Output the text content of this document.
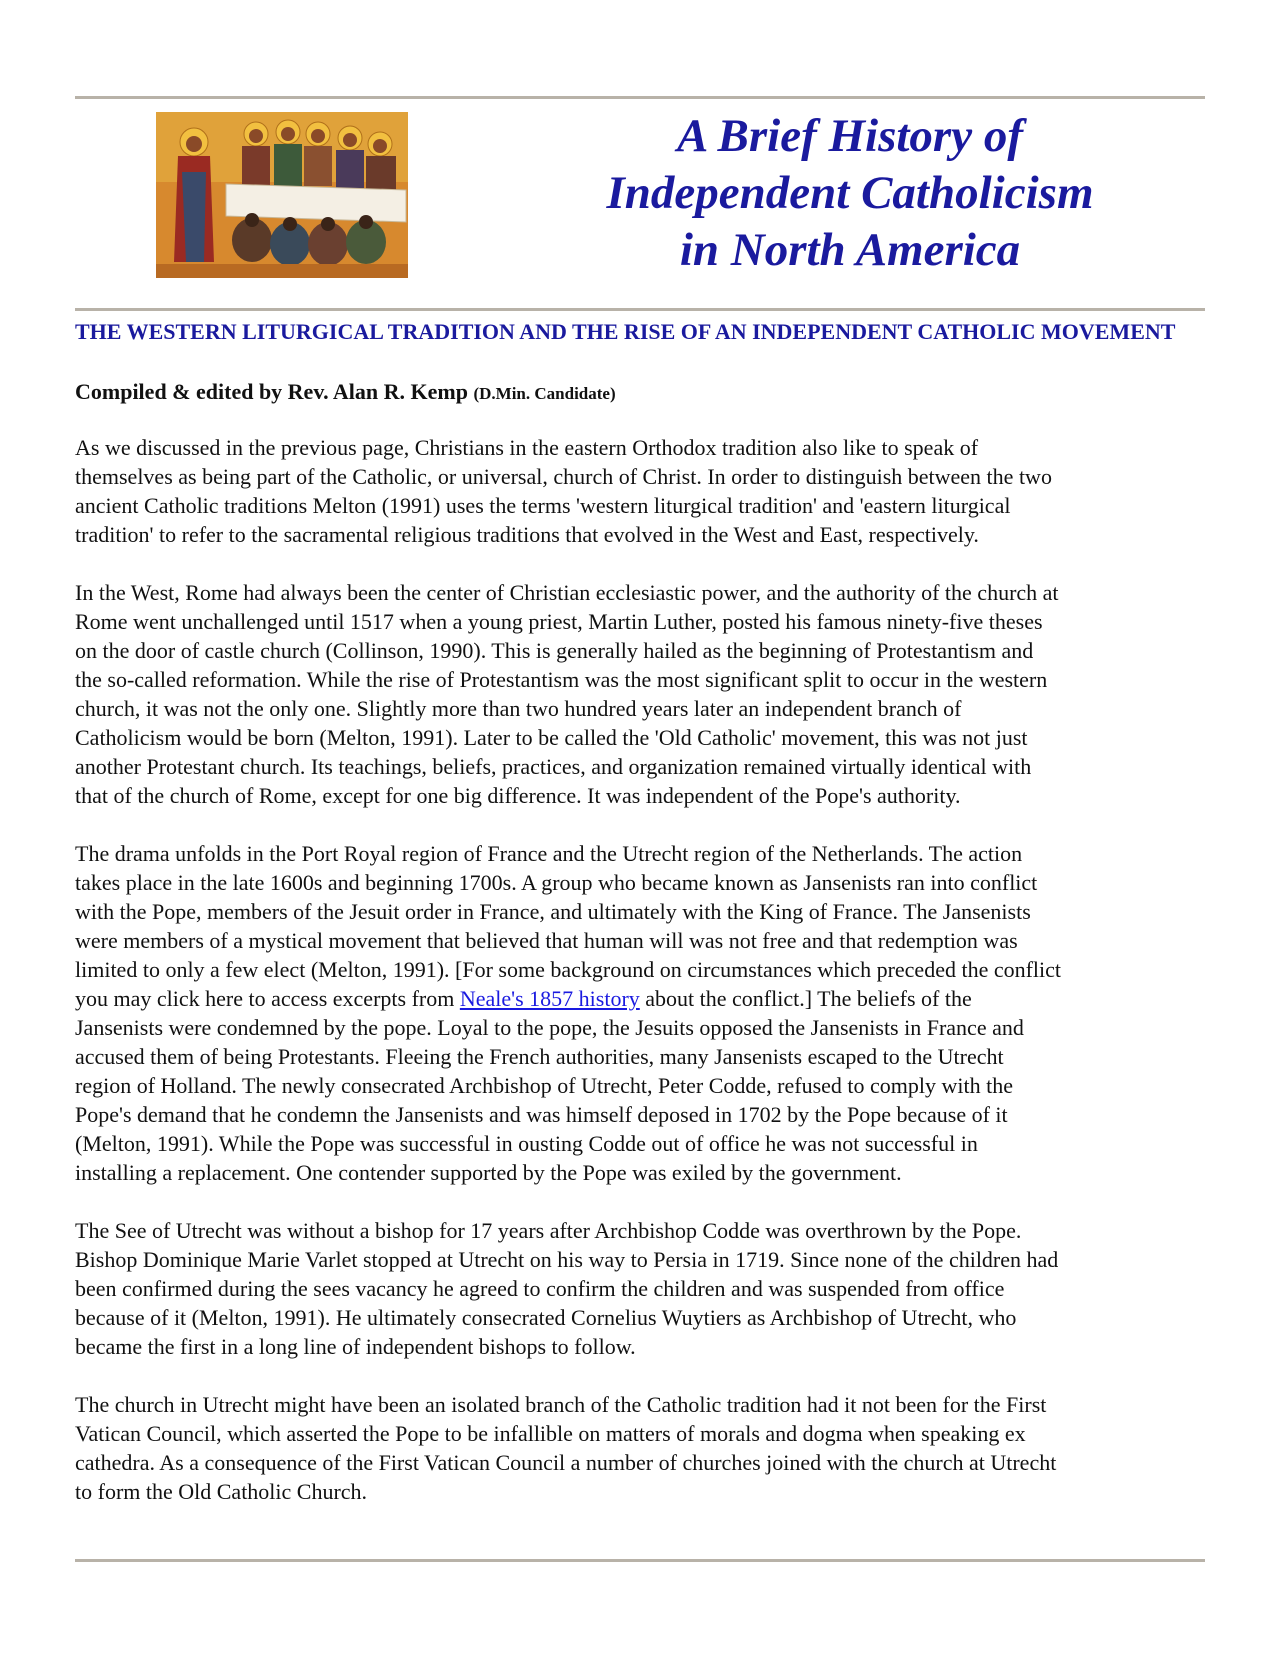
A Brief History of
Independent Catholicism
in North America
THE WESTERN LITURGICAL TRADITION AND THE RISE OF AN INDEPENDENT CATHOLIC MOVEMENT

Compiled & edited by Rev. Alan R. Kemp (D.Min. Candidate)

As we discussed in the previous page, Christians in the eastern Orthodox tradition also like to speak of
themselves as being part of the Catholic, or universal, church of Christ. In order to distinguish between the two
ancient Catholic traditions Melton (1991) uses the terms 'western liturgical tradition' and 'eastern liturgical
tradition' to refer to the sacramental religious traditions that evolved in the West and East, respectively.

In the West, Rome had always been the center of Christian ecclesiastic power, and the authority of the church at
Rome went unchallenged until 1517 when a young priest, Martin Luther, posted his famous ninety-five theses
on the door of castle church (Collinson, 1990). This is generally hailed as the beginning of Protestantism and
the so-called reformation. While the rise of Protestantism was the most significant split to occur in the western
church, it was not the only one. Slightly more than two hundred years later an independent branch of
Catholicism would be born (Melton, 1991). Later to be called the 'Old Catholic' movement, this was not just
another Protestant church. Its teachings, beliefs, practices, and organization remained virtually identical with
that of the church of Rome, except for one big difference. It was independent of the Pope's authority.

The drama unfolds in the Port Royal region of France and the Utrecht region of the Netherlands. The action
takes place in the late 1600s and beginning 1700s. A group who became known as Jansenists ran into conflict
with the Pope, members of the Jesuit order in France, and ultimately with the King of France. The Jansenists
were members of a mystical movement that believed that human will was not free and that redemption was
limited to only a few elect (Melton, 1991). [For some background on circumstances which preceded the conflict
you may click here to access excerpts from Neale's 1857 history about the conflict.] The beliefs of the
Jansenists were condemned by the pope. Loyal to the pope, the Jesuits opposed the Jansenists in France and
accused them of being Protestants. Fleeing the French authorities, many Jansenists escaped to the Utrecht
region of Holland. The newly consecrated Archbishop of Utrecht, Peter Codde, refused to comply with the
Pope's demand that he condemn the Jansenists and was himself deposed in 1702 by the Pope because of it
(Melton, 1991). While the Pope was successful in ousting Codde out of office he was not successful in
installing a replacement. One contender supported by the Pope was exiled by the government.

The See of Utrecht was without a bishop for 17 years after Archbishop Codde was overthrown by the Pope.
Bishop Dominique Marie Varlet stopped at Utrecht on his way to Persia in 1719. Since none of the children had
been confirmed during the sees vacancy he agreed to confirm the children and was suspended from office
because of it (Melton, 1991). He ultimately consecrated Cornelius Wuytiers as Archbishop of Utrecht, who
became the first in a long line of independent bishops to follow.

The church in Utrecht might have been an isolated branch of the Catholic tradition had it not been for the First
Vatican Council, which asserted the Pope to be infallible on matters of morals and dogma when speaking ex
cathedra. As a consequence of the First Vatican Council a number of churches joined with the church at Utrecht
to form the Old Catholic Church.
